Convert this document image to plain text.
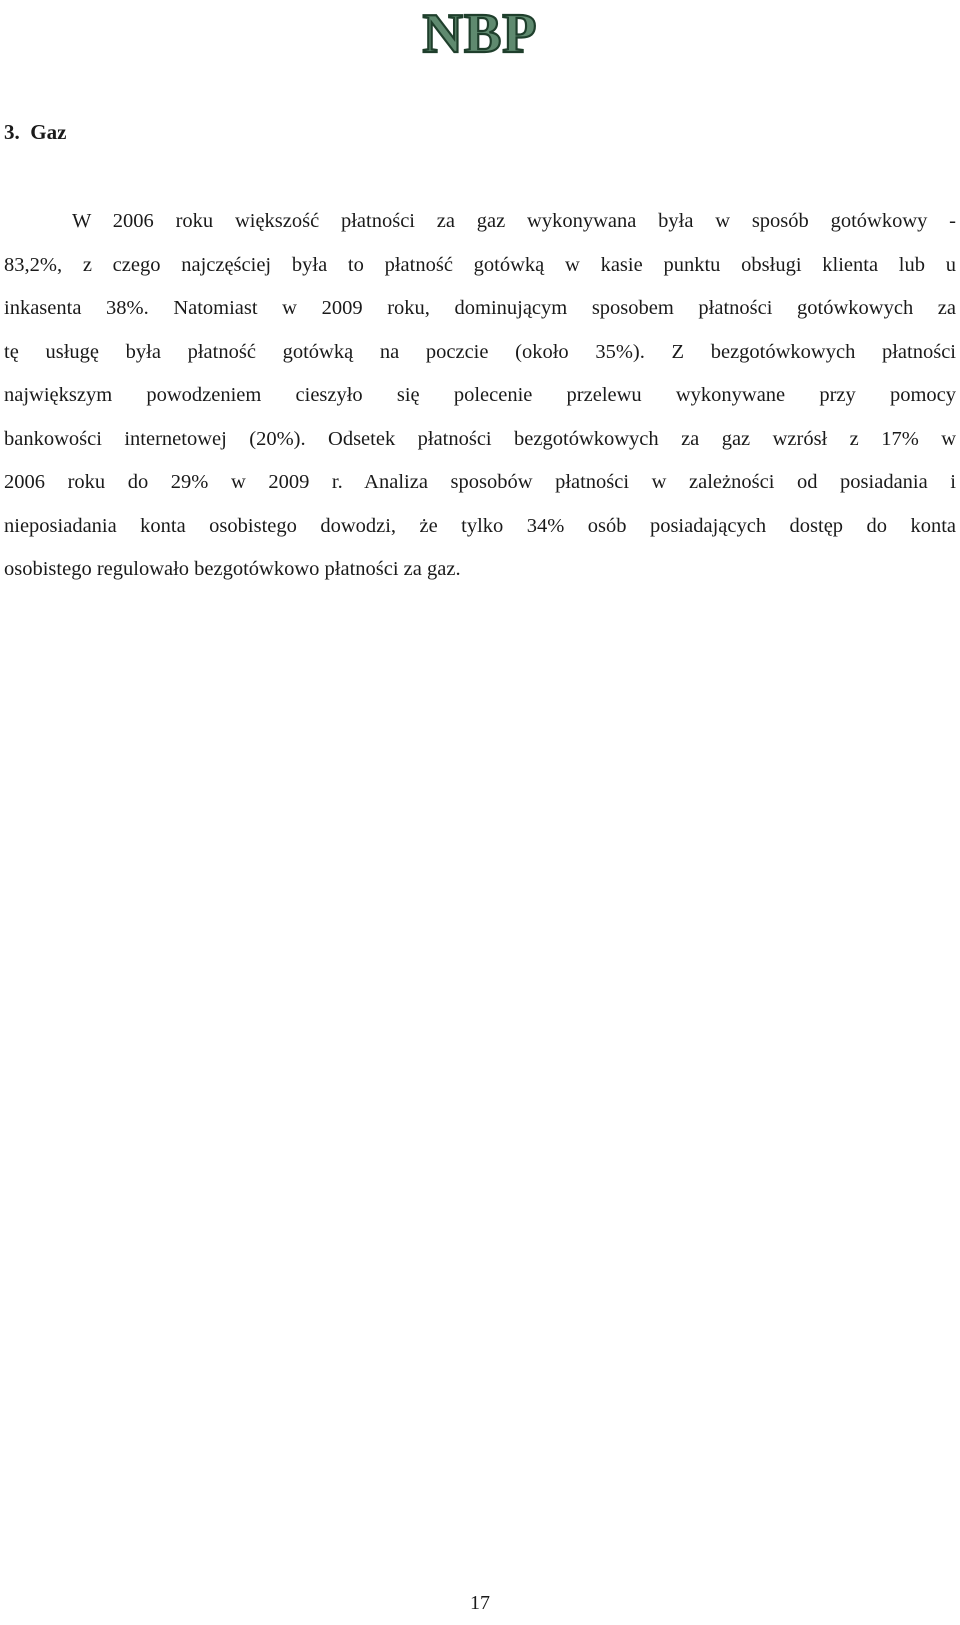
NBP
3.  Gaz
W 2006 roku większość płatności za gaz wykonywana była w sposób gotówkowy -
83,2%, z czego najczęściej była to płatność gotówką w kasie punktu obsługi klienta lub u
inkasenta 38%. Natomiast w 2009 roku, dominującym sposobem płatności gotówkowych za
tę usługę była płatność gotówką na poczcie (około 35%). Z bezgotówkowych płatności
największym powodzeniem cieszyło się polecenie przelewu wykonywane przy pomocy
bankowości internetowej (20%). Odsetek płatności bezgotówkowych za gaz wzrósł z 17% w
2006 roku do 29% w 2009 r. Analiza sposobów płatności w zależności od posiadania i
nieposiadania konta osobistego dowodzi, że tylko 34% osób posiadających dostęp do konta
osobistego regulowało bezgotówkowo płatności za gaz.

17
